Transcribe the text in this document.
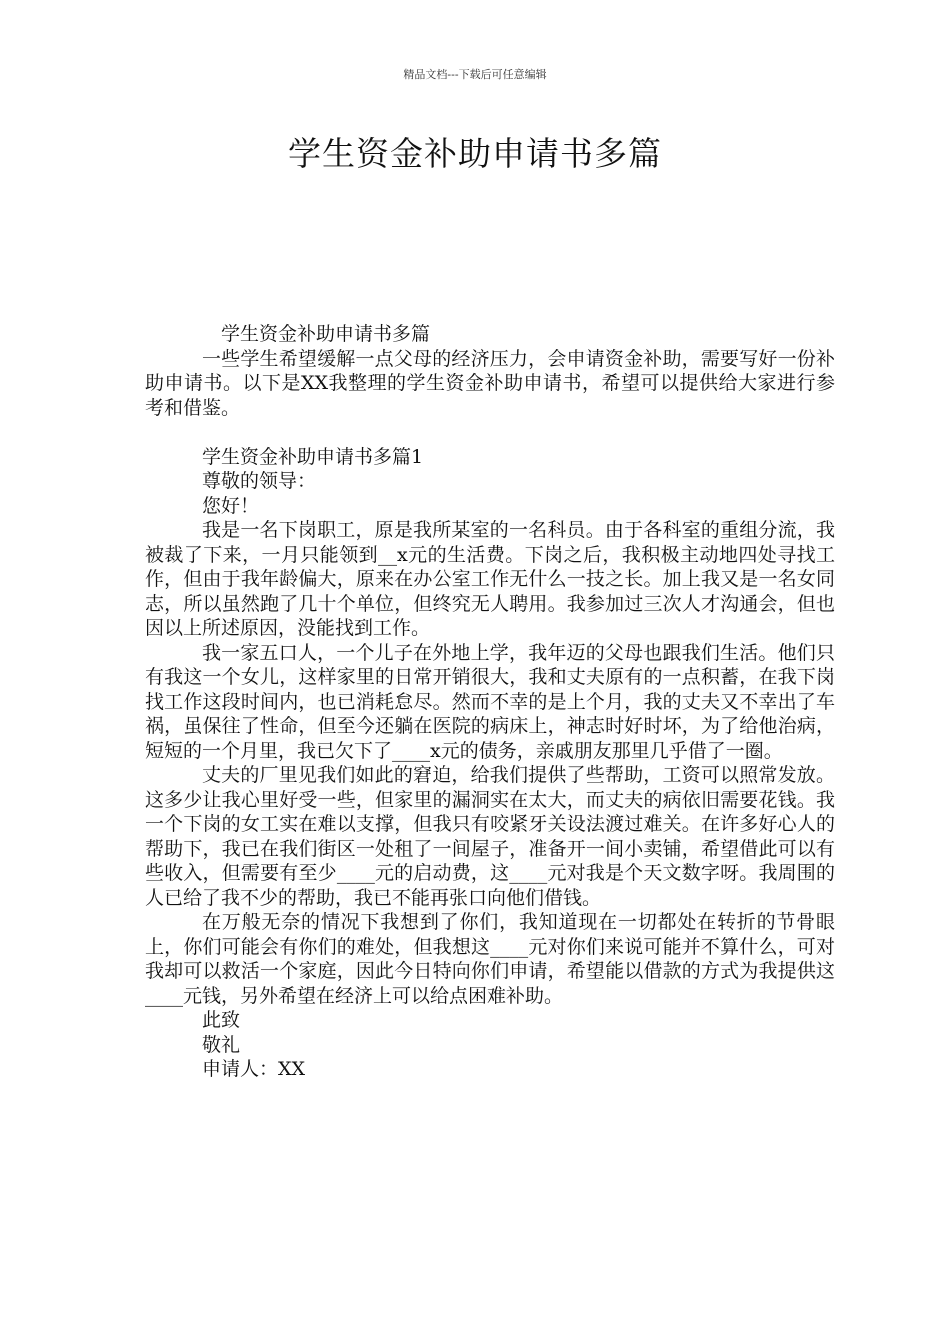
精品文档---下载后可任意编辑
学生资金补助申请书多篇

学生资金补助申请书多篇

一些学生希望缓解一点父母的经济压力，会申请资金补助，需要写好一份补助申请书。以下是XX我整理的学生资金补助申请书，希望可以提供给大家进行参考和借鉴。

学生资金补助申请书多篇1

尊敬的领导：

您好！

我是一名下岗职工，原是我所某室的一名科员。由于各科室的重组分流，我被裁了下来，一月只能领到__x元的生活费。下岗之后，我积极主动地四处寻找工作，但由于我年龄偏大，原来在办公室工作无什么一技之长。加上我又是一名女同志，所以虽然跑了几十个单位，但终究无人聘用。我参加过三次人才沟通会，但也因以上所述原因，没能找到工作。

我一家五口人，一个儿子在外地上学，我年迈的父母也跟我们生活。他们只有我这一个女儿，这样家里的日常开销很大，我和丈夫原有的一点积蓄，在我下岗找工作这段时间内，也已消耗怠尽。然而不幸的是上个月，我的丈夫又不幸出了车祸，虽保往了性命，但至今还躺在医院的病床上，神志时好时坏，为了给他治病，短短的一个月里，我已欠下了____x元的债务，亲戚朋友那里几乎借了一圈。

丈夫的厂里见我们如此的窘迫，给我们提供了些帮助，工资可以照常发放。这多少让我心里好受一些，但家里的漏洞实在太大，而丈夫的病依旧需要花钱。我一个下岗的女工实在难以支撑，但我只有咬紧牙关设法渡过难关。在许多好心人的帮助下，我已在我们街区一处租了一间屋子，准备开一间小卖铺，希望借此可以有些收入，但需要有至少____元的启动费，这____元对我是个天文数字呀。我周围的人已给了我不少的帮助，我已不能再张口向他们借钱。

在万般无奈的情况下我想到了你们，我知道现在一切都处在转折的节骨眼上，你们可能会有你们的难处，但我想这____元对你们来说可能并不算什么，可对我却可以救活一个家庭，因此今日特向你们申请，希望能以借款的方式为我提供这____元钱，另外希望在经济上可以给点困难补助。

此致

敬礼

申请人：XX
